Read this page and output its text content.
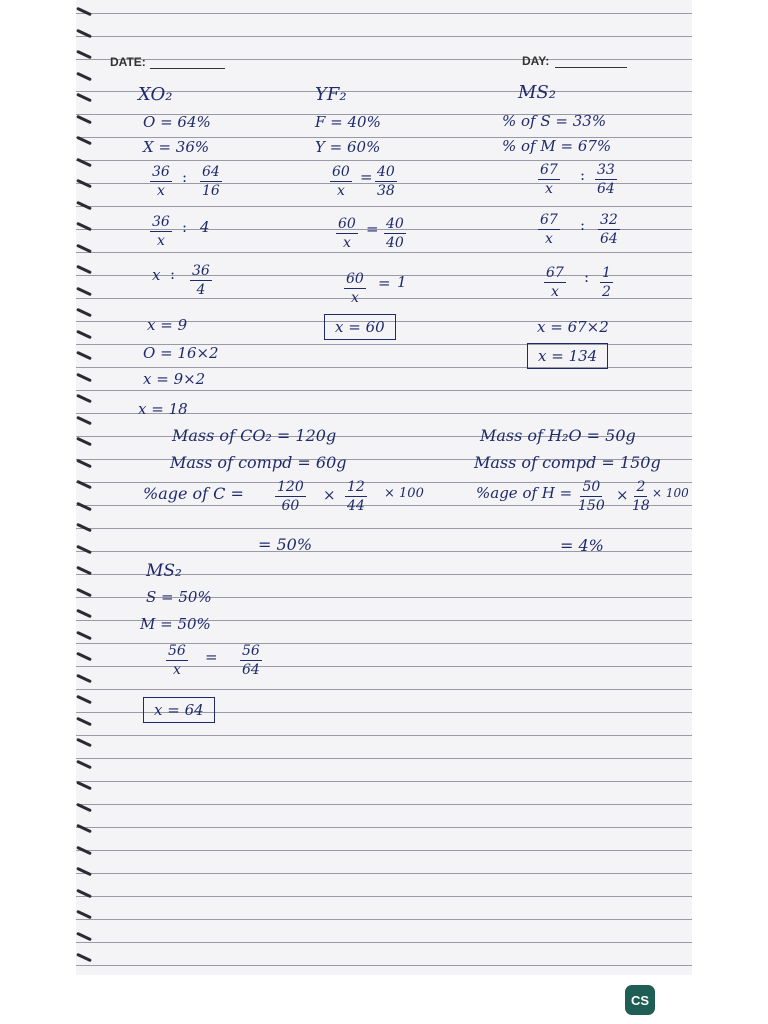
DATE:	DAY:
XO₂
O = 64%
X = 36%
$\frac{36}{x}$ : $\frac{64}{16}$
$\frac{36}{x}$ : 4
x : $\frac{36}{4}$
x = 9
O = 16×2
x = 9×2
x = 18
YF₂
F = 40%
Y = 60%
$\frac{60}{x} = \frac{40}{38}$
$\frac{60}{x} = \frac{40}{40}$
$\frac{60}{x} = 1$
x = 60
MS₂
% of S = 33%
% of M = 67%
$\frac{67}{x}$ : $\frac{33}{64}$
$\frac{67}{x}$ : $\frac{32}{64}$
$\frac{67}{x}$ : $\frac{1}{2}$
x = 67×2
x = 134
Mass of CO₂ = 120g
Mass of compd = 60g
%age of $C = \frac{120}{60} \times \frac{12}{44} \times 100$
= 50%
Mass of H₂O = 50g
Mass of compd = 150g
%age of $H = \frac{50}{150} \times \frac{2}{18} \times 100$
= 4%
MS₂
S = 50%
M = 50%
$\frac{56}{x} = \frac{56}{64}$
x = 64
CS
